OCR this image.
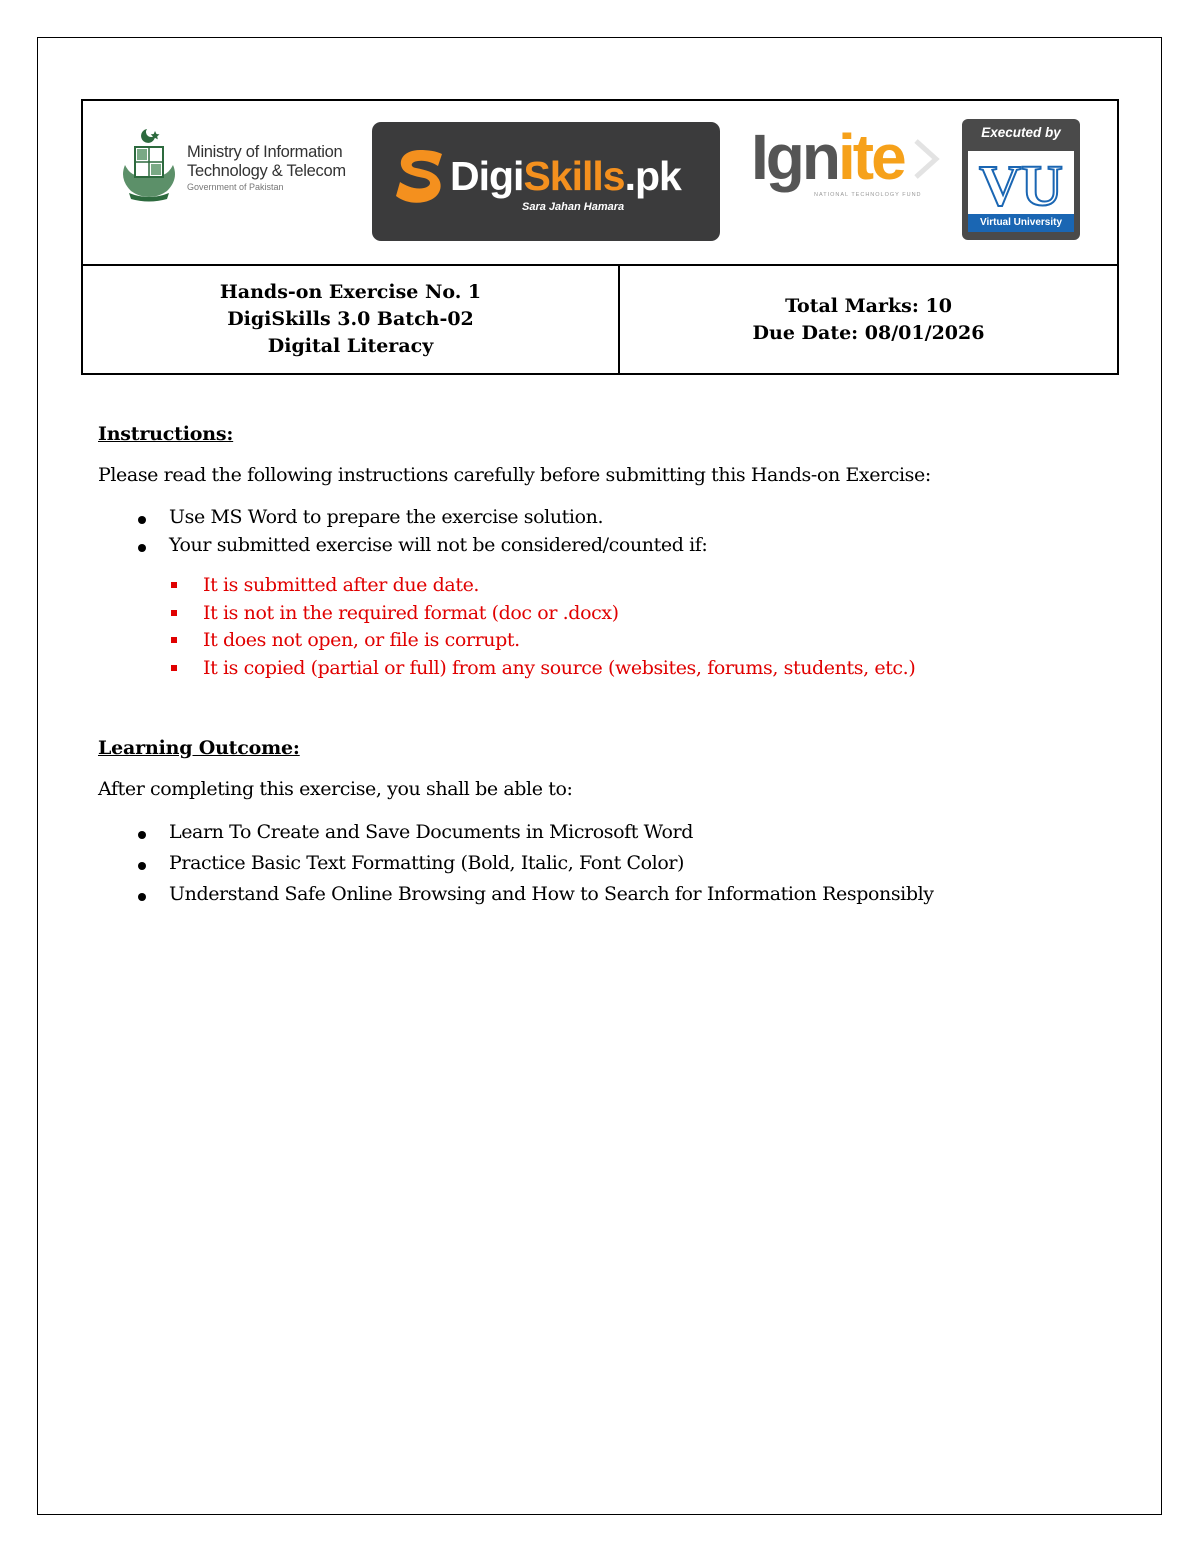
Ministry of Information
Technology & Telecom
Government of Pakistan	DigiSkills.pk
Sara Jahan Hamara
Ignite
NATIONAL TECHNOLOGY FUND
Executed by
VU
Virtual University
Hands-on Exercise No. 1
DigiSkills 3.0 Batch-02
Digital Literacy
Total Marks: 10
Due Date: 08/01/2026
Instructions:
Please read the following instructions carefully before submitting this Hands-on Exercise:
Use MS Word to prepare the exercise solution.
Your submitted exercise will not be considered/counted if:
It is submitted after due date.
It is not in the required format (doc or .docx)
It does not open, or file is corrupt.
It is copied (partial or full) from any source (websites, forums, students, etc.)
Learning Outcome:
After completing this exercise, you shall be able to:
Learn To Create and Save Documents in Microsoft Word
Practice Basic Text Formatting (Bold, Italic, Font Color)
Understand Safe Online Browsing and How to Search for Information Responsibly
